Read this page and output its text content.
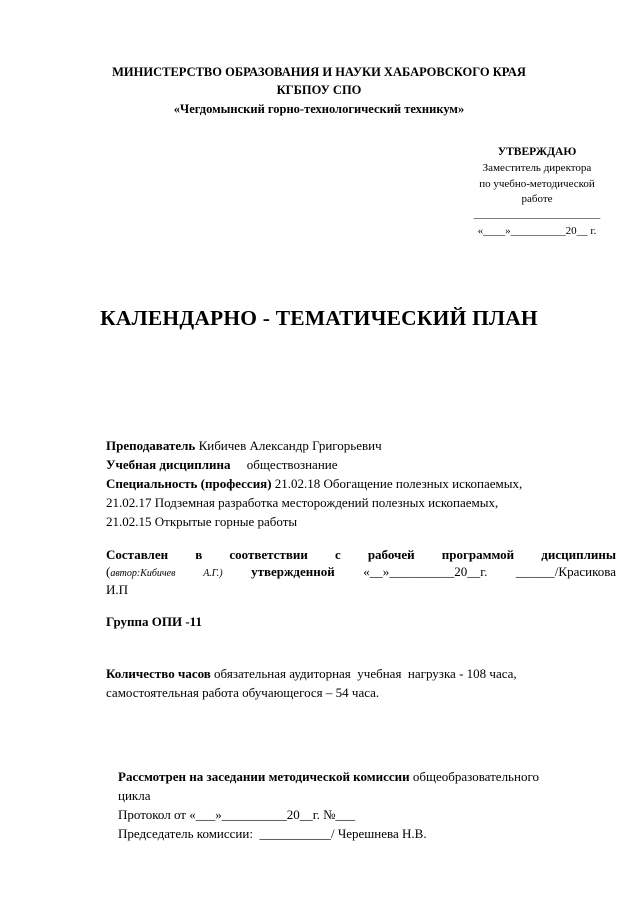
МИНИСТЕРСТВО ОБРАЗОВАНИЯ И НАУКИ ХАБАРОВСКОГО КРАЯ
КГБПОУ СПО
«Чегдомынский горно-технологический техникум»
УТВЕРЖДАЮ
Заместитель директора
по учебно-методической
работе
_______________________
«____»__________20__ г.
КАЛЕНДАРНО - ТЕМАТИЧЕСКИЙ ПЛАН
Преподаватель Кибичев Александр Григорьевич
Учебная дисциплина     обществознание
Специальность (профессия) 21.02.18 Обогащение полезных ископаемых,
21.02.17 Подземная разработка месторождений полезных ископаемых,
21.02.15 Открытые горные работы
Составлен в соответствии с рабочей программой дисциплины
(автор:Кибичев А.Г.) утвержденной «__»__________20__г. ______/Красикова
И.П
Группа ОПИ -11
Количество часов обязательная аудиторная  учебная  нагрузка - 108 часа,
самостоятельная работа обучающегося – 54 часа.
Рассмотрен на заседании методической комиссии общеобразовательного
цикла
Протокол от «___»__________20__г. №___
Председатель комиссии:  ___________/ Черешнева Н.В.
